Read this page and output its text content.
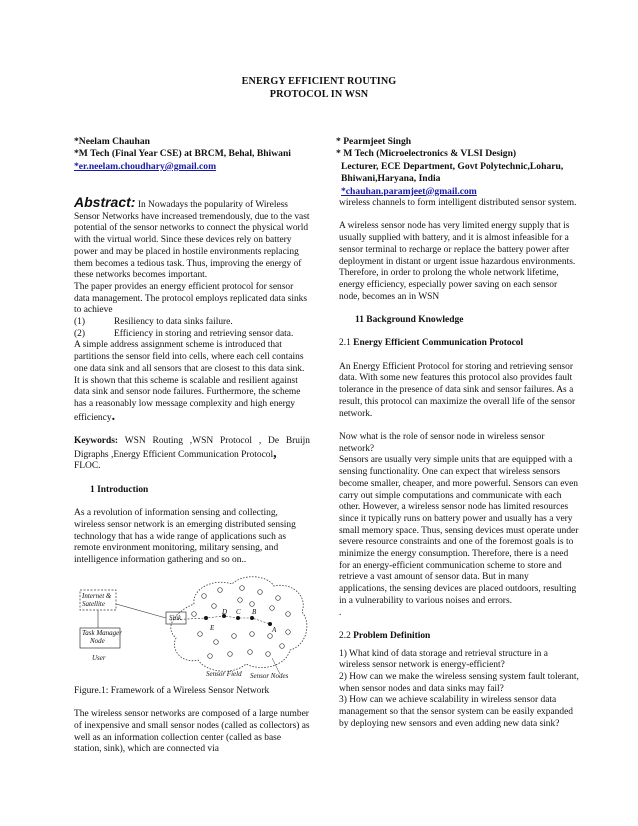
ENERGY EFFICIENT ROUTING
PROTOCOL IN WSN
*Neelam Chauhan
*M Tech (Final Year CSE) at BRCM, Behal, Bhiwani
*er.neelam.choudhary@gmail.com
* Pearmjeet Singh
* M Tech (Microelectronics & VLSI Design)
Lecturer, ECE Department, Govt Polytechnic,Loharu,
Bhiwani,Haryana, India
*chauhan.paramjeet@gmail.com

Abstract: In Nowadays the popularity of Wireless Sensor Networks have increased tremendously, due to the vast potential of the sensor networks to connect the physical world with the virtual world. Since these devices rely on battery power and may be placed in hostile environments replacing them becomes a tedious task. Thus, improving the energy of these networks becomes important.

The paper provides an energy efficient protocol for sensor data management. The protocol employs replicated data sinks to achieve

(1)	Resiliency to data sinks failure.
(2)	Efficiency in storing and retrieving sensor data.

A simple address assignment scheme is introduced that partitions the sensor field into cells, where each cell contains one data sink and all sensors that are closest to this data sink. It is shown that this scheme is scalable and resilient against data sink and sensor node failures. Furthermore, the scheme has a reasonably low message complexity and high energy efficiency.

Keywords: WSN Routing ,WSN Protocol , De Bruijn Digraphs ,Energy Efficient Communication Protocol,
FLOC.

1 Introduction

As a revolution of information sensing and collecting, wireless sensor network is an emerging distributed sensing technology that has a wide range of applications such as remote environment monitoring, military sensing, and intelligence information gathering and so on..

Internet &
Satellite
Sink
Task Manager
Node
User
E
D C B
A
Sensor Field Sensor Nodes

Figure.1: Framework of a Wireless Sensor Network

The wireless sensor networks are composed of a large number of inexpensive and small sensor nodes (called as collectors) as well as an information collection center (called as base station, sink), which are connected via

wireless channels to form intelligent distributed sensor system.

A wireless sensor node has very limited energy supply that is usually supplied with battery, and it is almost infeasible for a sensor terminal to recharge or replace the battery power after deployment in distant or urgent issue hazardous environments. Therefore, in order to prolong the whole network lifetime, energy efficiency, especially power saving on each sensor node, becomes an in WSN

11 Background Knowledge

2.1 Energy Efficient Communication Protocol

An Energy Efficient Protocol for storing and retrieving sensor data. With some new features this protocol also provides fault tolerance in the presence of data sink and sensor failures. As a result, this protocol can maximize the overall life of the sensor network.

Now what is the role of sensor node in wireless sensor network?

Sensors are usually very simple units that are equipped with a sensing functionality. One can expect that wireless sensors become smaller, cheaper, and more powerful. Sensors can even carry out simple computations and communicate with each other. However, a wireless sensor node has limited resources since it typically runs on battery power and usually has a very small memory space. Thus, sensing devices must operate under severe resource constraints and one of the foremost goals is to minimize the energy consumption. Therefore, there is a need for an energy-efficient communication scheme to store and retrieve a vast amount of sensor data. But in many applications, the sensing devices are placed outdoors, resulting in a vulnerability to various noises and errors.

.

2.2 Problem Definition

1) What kind of data storage and retrieval structure in a wireless sensor network is energy-efficient?

2) How can we make the wireless sensing system fault tolerant, when sensor nodes and data sinks may fail?

3) How can we achieve scalability in wireless sensor data management so that the sensor system can be easily expanded by deploying new sensors and even adding new data sink?
